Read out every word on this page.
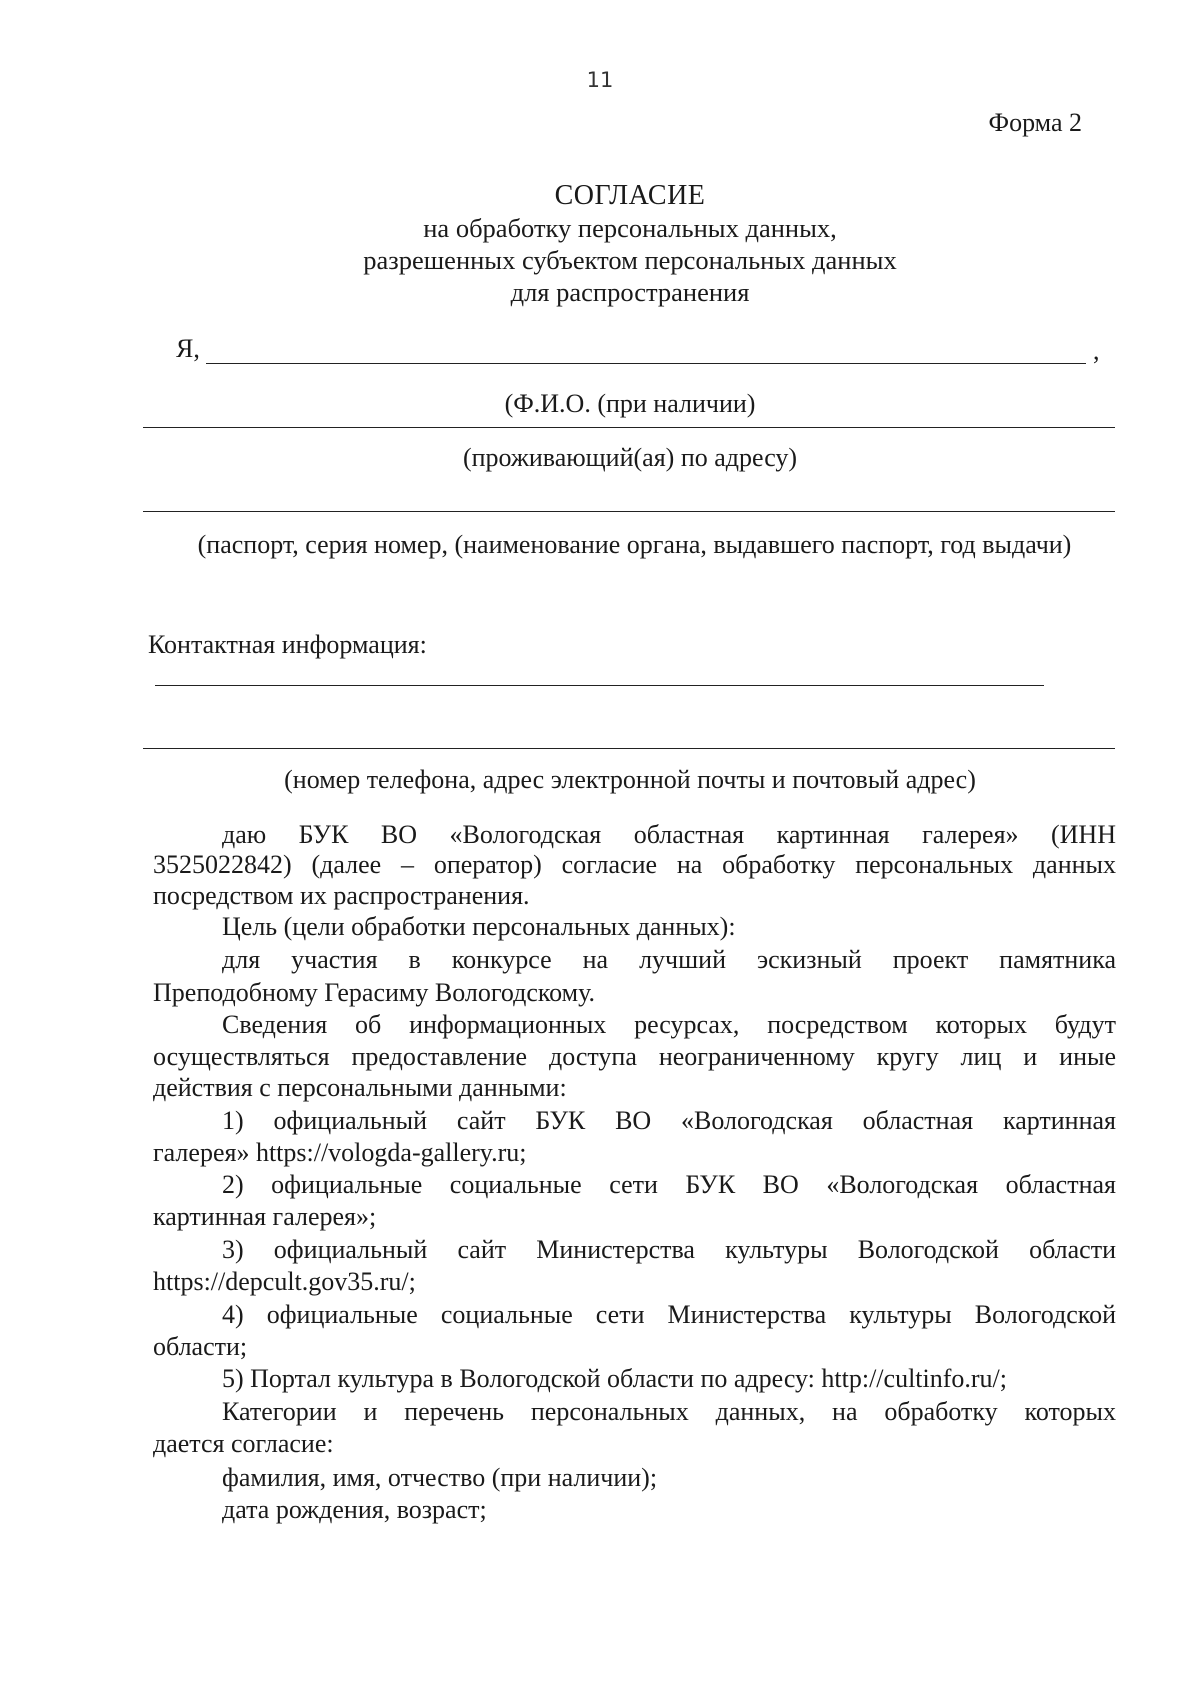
11
Форма 2
СОГЛАСИЕ
на обработку персональных данных,
разрешенных субъектом персональных данных
для распространения
Я,	,
(Ф.И.О. (при наличии)
(проживающий(ая) по адресу)
(паспорт, серия номер, (наименование органа, выдавшего паспорт, год выдачи)
Контактная информация:
(номер телефона, адрес электронной почты и почтовый адрес)
даю БУК ВО «Вологодская областная картинная галерея» (ИНН
3525022842) (далее – оператор) согласие на обработку персональных данных
посредством их распространения.
Цель (цели обработки персональных данных):
для участия в конкурсе на лучший эскизный проект памятника
Преподобному Герасиму Вологодскому.
Сведения об информационных ресурсах, посредством которых будут
осуществляться предоставление доступа неограниченному кругу лиц и иные
действия с персональными данными:
1) официальный сайт БУК ВО «Вологодская областная картинная
галерея» https://vologda-gallery.ru;
2) официальные социальные сети БУК ВО «Вологодская областная
картинная галерея»;
3) официальный сайт Министерства культуры Вологодской области
https://depcult.gov35.ru/;
4) официальные социальные сети Министерства культуры Вологодской
области;
5) Портал культура в Вологодской области по адресу: http://cultinfo.ru/;
Категории и перечень персональных данных, на обработку которых
дается согласие:
фамилия, имя, отчество (при наличии);
дата рождения, возраст;
